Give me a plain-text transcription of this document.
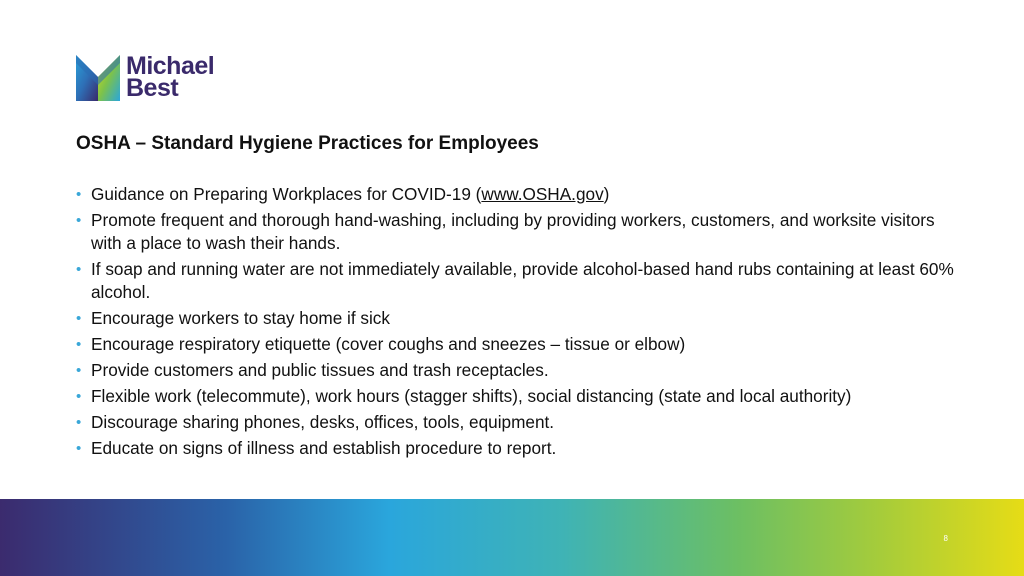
Michael
Best
OSHA – Standard Hygiene Practices for Employees
• Guidance on Preparing Workplaces for COVID-19 (www.OSHA.gov)
• Promote frequent and thorough hand-washing, including by providing workers, customers, and worksite visitors with a place to wash their hands.
• If soap and running water are not immediately available, provide alcohol-based hand rubs containing at least 60% alcohol.
• Encourage workers to stay home if sick
• Encourage respiratory etiquette (cover coughs and sneezes – tissue or elbow)
• Provide customers and public tissues and trash receptacles.
• Flexible work (telecommute), work hours (stagger shifts), social distancing (state and local authority)
• Discourage sharing phones, desks, offices, tools, equipment.
• Educate on signs of illness and establish procedure to report.
8
